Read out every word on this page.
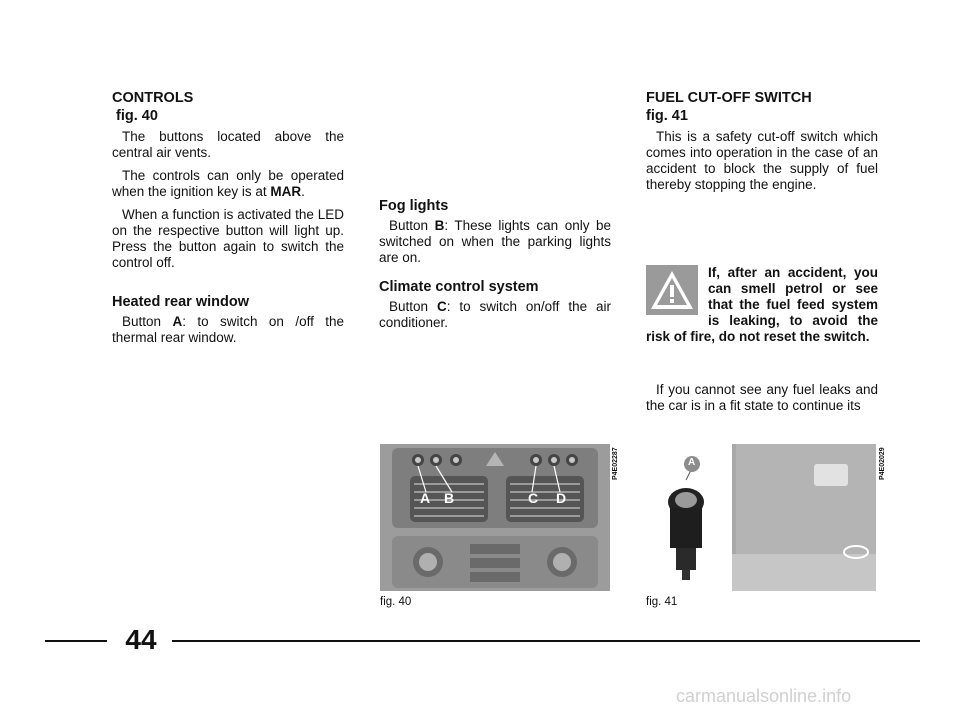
CONTROLS
fig. 40

The buttons located above the central air vents.

The controls can only be operated when the ignition key is at MAR.

When a function is activated the LED on the respective button will light up. Press the button again to switch the control off.

Heated rear window

Button A: to switch on /off the thermal rear window.

Fog lights

Button B: These lights can only be switched on when the parking lights are on.

Climate control system

Button C: to switch on/off the air conditioner.

FUEL CUT-OFF SWITCH
fig. 41

This is a safety cut-off switch which comes into operation in the case of an accident to block the supply of fuel thereby stopping the engine.

If, after an accident, you can smell petrol or see that the fuel feed system is leaking, to avoid the risk of fire, do not reset the switch.

If you cannot see any fuel leaks and the car is in a fit state to continue its

A B	C D
P4E02287
fig. 40
A	P4E02029
fig. 41
44
carmanualsonline.info
